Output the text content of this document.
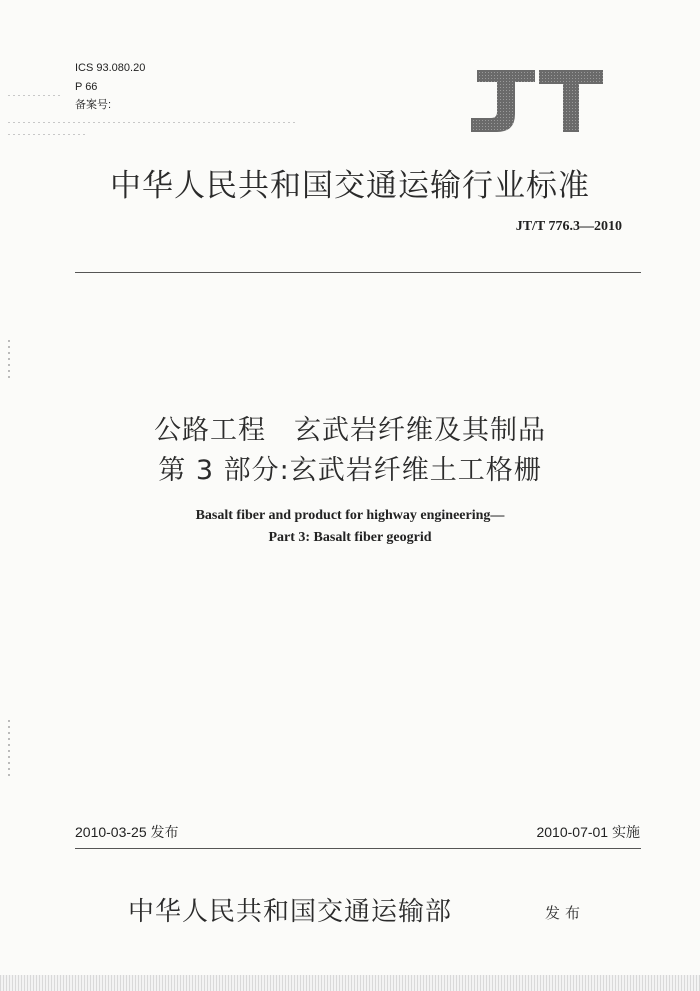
ICS 93.080.20
P 66
备案号:
中华人民共和国交通运输行业标准
JT/T 776.3—2010
公路工程　玄武岩纤维及其制品
第 3 部分:玄武岩纤维土工格栅
Basalt fiber and product for highway engineering—
Part 3: Basalt fiber geogrid
2010-03-25 发布	2010-07-01 实施
中华人民共和国交通运输部	发布
